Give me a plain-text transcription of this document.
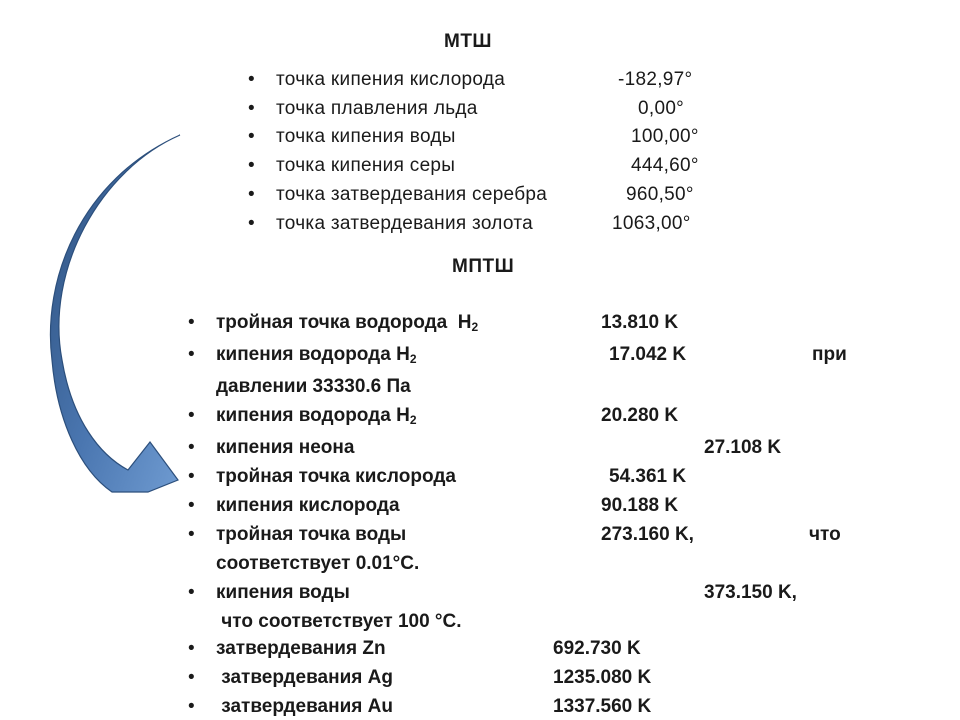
МТШ
• точка кипения кислорода	-182,97°
• точка плавления льда	0,00°
• точка кипения воды	100,00°
• точка кипения серы	444,60°
• точка затвердевания серебра	960,50°
• точка затвердевания золота	1063,00°
МПТШ
• тройная точка водорода $H_2$	13.810 K
• кипения водорода $H_2$	17.042 K	при
давлении 33330.6 Па
• кипения водорода $H_2$	20.280 K
• кипения неона	27.108 K
• тройная точка кислорода	54.361 K
• кипения кислорода	90.188 K
• тройная точка воды	273.160 K,	что
соответствует 0.01°C.
• кипения воды	373.150 K,
что соответствует 100 °C.
• затвердевания Zn	692.730 K
• затвердевания Ag	1235.080 K
• затвердевания Au	1337.560 K
